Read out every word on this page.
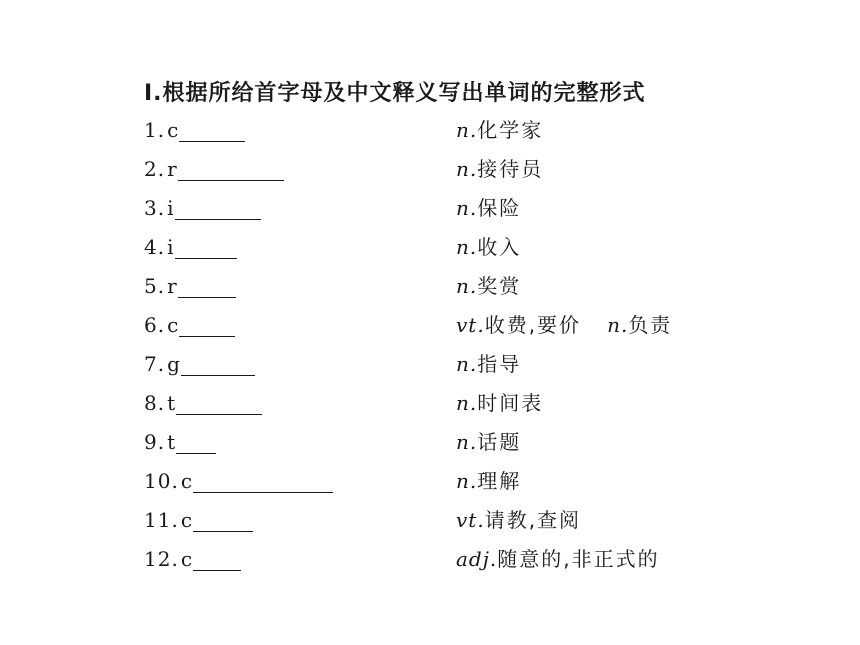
Ⅰ.根据所给首字母及中文释义写出单词的完整形式
1. c	n.化学家
2. r	n.接待员
3. i	n.保险
4. i	n.收入
5. r	n.奖赏
6. c	vt.收费,要价 n.负责
7. g	n.指导
8. t	n.时间表
9. t	n.话题
10. c	n.理解
11. c	vt.请教,查阅
12. c	adj.随意的,非正式的
